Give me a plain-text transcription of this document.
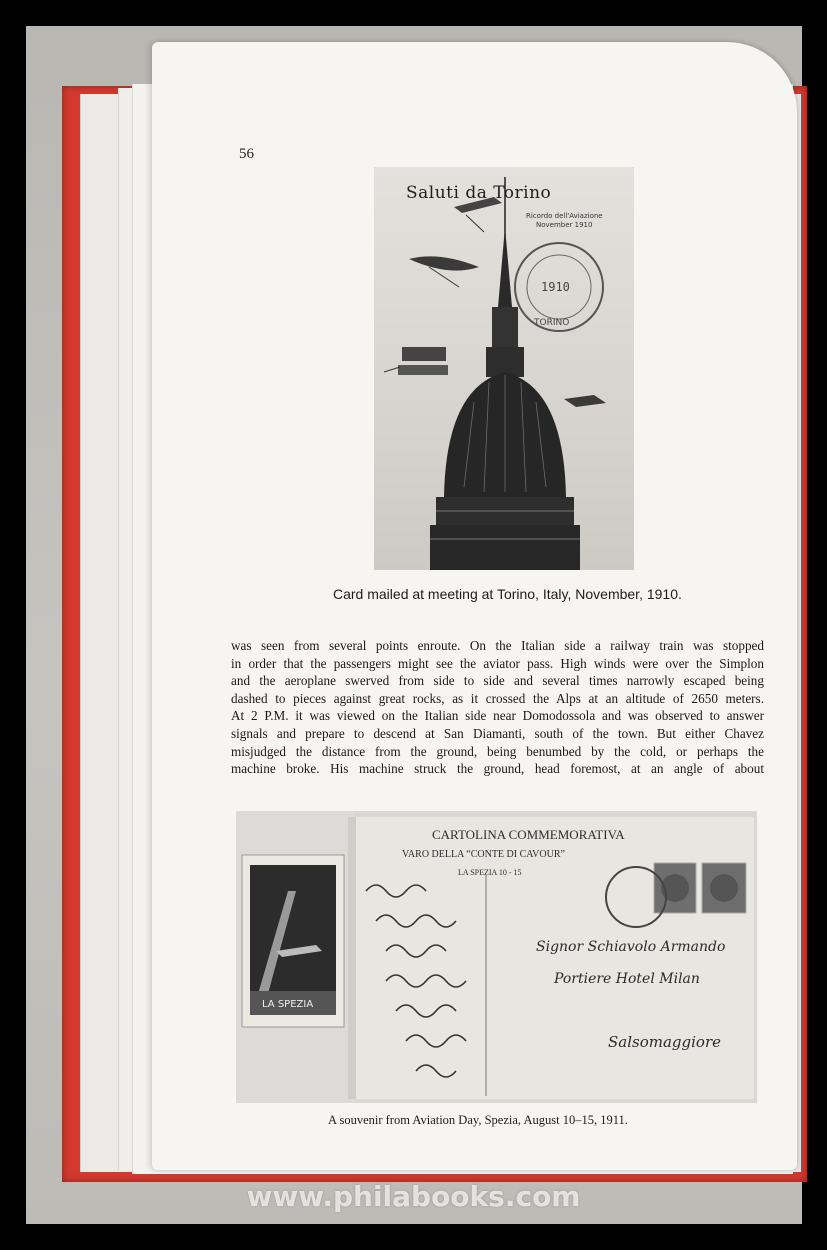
56
1910
TORINO
Saluti da Torino
Ricordo dell'Aviazione
November 1910
Card mailed at meeting at Torino, Italy, November, 1910.
was seen from several points enroute. On the Italian side a railway train was stopped
in order that the passengers might see the aviator pass. High winds were over the Simplon
and the aeroplane swerved from side to side and several times narrowly escaped being
dashed to pieces against great rocks, as it crossed the Alps at an altitude of 2650 meters.
At 2 P.M. it was viewed on the Italian side near Domodossola and was observed to answer
signals and prepare to descend at San Diamanti, south of the town. But either Chavez
misjudged the distance from the ground, being benumbed by the cold, or perhaps the
machine broke. His machine struck the ground, head foremost, at an angle of about
LA SPEZIA
CARTOLINA COMMEMORATIVA
VARO DELLA “CONTE DI CAVOUR”
LA SPEZIA 10 - 15
Signor Schiavolo Armando
Portiere Hotel Milan
Salsomaggiore
A souvenir from Aviation Day, Spezia, August 10–15, 1911.
www.philabooks.com
